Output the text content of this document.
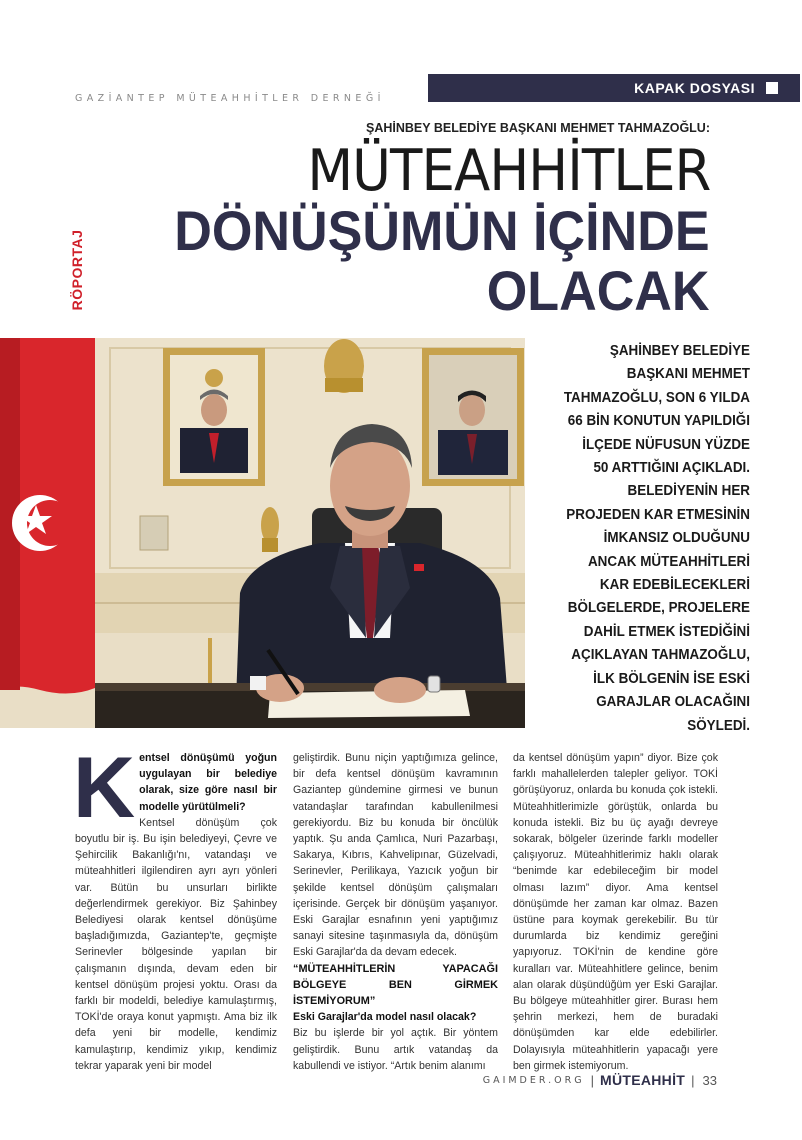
GAZİANTEP MÜTEAHHİTLER DERNEĞİ
KAPAK DOSYASI
RÖPORTAJ
ŞAHİNBEY BELEDİYE BAŞKANI MEHMET TAHMAZOĞLU:
MÜTEAHHİTLER
DÖNÜŞÜMÜN İÇİNDE
OLACAK
ŞAHİNBEY BELEDİYE
BAŞKANI MEHMET
TAHMAZOĞLU, SON 6 YILDA
66 BİN KONUTUN YAPILDIĞI
İLÇEDE NÜFUSUN YÜZDE
50 ARTTIĞINI AÇIKLADI.
BELEDİYENİN HER
PROJEDEN KAR ETMESİNİN
İMKANSIZ OLDUĞUNU
ANCAK MÜTEAHHİTLERİ
KAR EDEBİLECEKLERİ
BÖLGELERDE, PROJELERE
DAHİL ETMEK İSTEDİĞİNİ
AÇIKLAYAN TAHMAZOĞLU,
İLK BÖLGENİN İSE ESKİ
GARAJLAR OLACAĞINI
SÖYLEDİ.
K entsel dönüşümü yoğun uygulayan bir belediye olarak, size göre nasıl bir modelle yürütülmeli?

Kentsel dönüşüm çok boyutlu bir iş. Bu işin belediyeyi, Çevre ve Şehircilik Bakanlığı'nı, vatandaşı ve müteahhitleri ilgilendiren ayrı ayrı yönleri var. Bütün bu unsurları birlikte değerlendirmek gerekiyor. Biz Şahinbey Belediyesi olarak kentsel dönüşüme başladığımızda, Gaziantep'te, geçmişte Serinevler bölgesinde yapılan bir çalışmanın dışında, devam eden bir kentsel dönüşüm projesi yoktu. Orası da farklı bir modeldi, belediye kamulaştırmış, TOKİ'de oraya konut yapmıştı. Ama biz ilk defa yeni bir modelle, kendimiz kamulaştırıp, kendimiz yıkıp, kendimiz tekrar yaparak yeni bir model

geliştirdik. Bunu niçin yaptığımıza gelince, bir defa kentsel dönüşüm kavramının Gaziantep gündemine girmesi ve bunun vatandaşlar tarafından kabullenilmesi gerekiyordu. Biz bu konuda bir öncülük yaptık. Şu anda Çamlıca, Nuri Pazarbaşı, Sakarya, Kıbrıs, Kahvelipınar, Güzelvadi, Serinevler, Perilikaya, Yazıcık yoğun bir şekilde kentsel dönüşüm çalışmaları içerisinde. Gerçek bir dönüşüm yaşanıyor. Eski Garajlar esnafının yeni yaptığımız sanayi sitesine taşınmasıyla da, dönüşüm Eski Garajlar'da da devam edecek.

“MÜTEAHHİTLERİN YAPACAĞI BÖLGEYE BEN GİRMEK İSTEMİYORUM”

Eski Garajlar'da model nasıl olacak?

Biz bu işlerde bir yol açtık. Bir yöntem geliştirdik. Bunu artık vatandaş da kabullendi ve istiyor. “Artık benim alanımı

da kentsel dönüşüm yapın” diyor. Bize çok farklı mahallelerden talepler geliyor. TOKİ görüşüyoruz, onlarda bu konuda çok istekli. Müteahhitlerimizle görüştük, onlarda bu konuda istekli. Biz bu üç ayağı devreye sokarak, bölgeler üzerinde farklı modeller çalışıyoruz. Müteahhitlerimiz haklı olarak “benimde kar edebileceğim bir model olması lazım” diyor. Ama kentsel dönüşümde her zaman kar olmaz. Bazen üstüne para koymak gerekebilir. Bu tür durumlarda biz kendimiz gereğini yapıyoruz. TOKİ'nin de kendine göre kuralları var. Müteahhitlere gelince, benim alan olarak düşündüğüm yer Eski Garajlar. Bu bölgeye müteahhitler girer. Burası hem şehrin merkezi, hem de buradaki dönüşümden kar elde edebilirler. Dolayısıyla müteahhitlerin yapacağı yere ben girmek istemiyorum.

GAIMDER.ORG | MÜTEAHHİT | 33
